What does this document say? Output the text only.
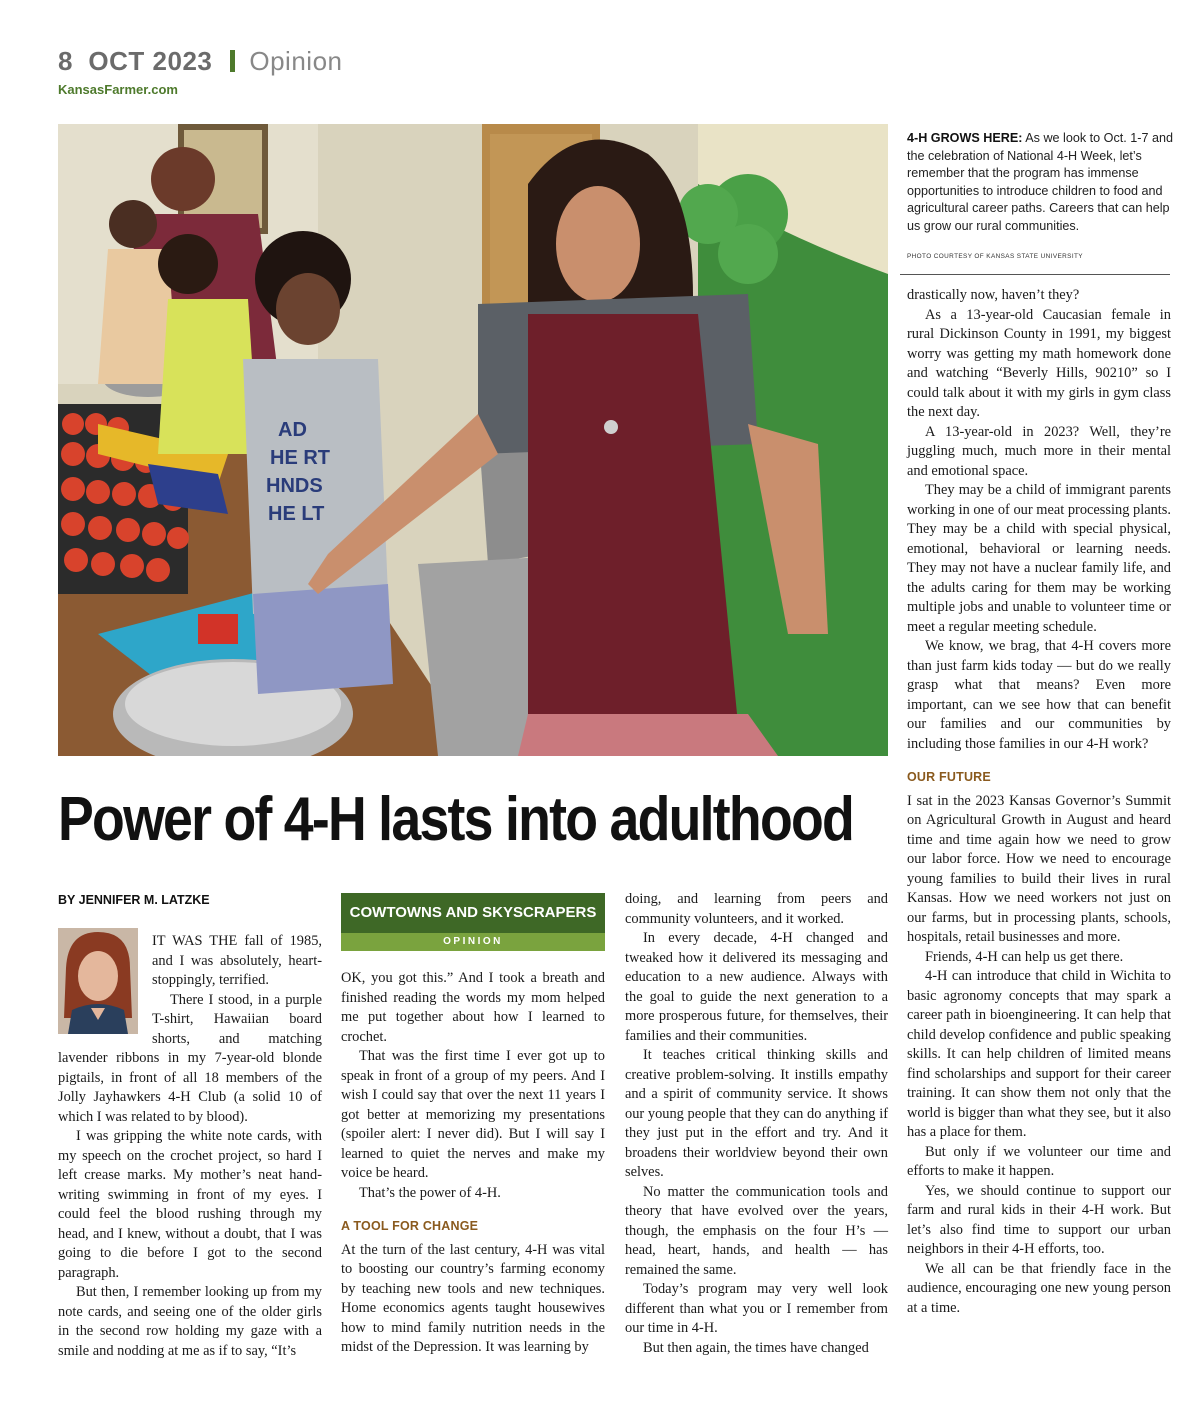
8 OCT 2023 Opinion
KansasFarmer.com
AD
HE RT
HNDS
HE LT
4-H GROWS HERE: As we look to Oct. 1-7 and the celebration of National 4-H Week, let’s remember that the program has immense opportunities to introduce children to food and agricultural career paths. Careers that can help us grow our rural communities.
PHOTO COURTESY OF KANSAS STATE UNIVERSITY
Power of 4-H lasts into adulthood
BY JENNIFER M. LATZKE
COWTOWNS AND SKYSCRAPERS
OPINION

IT WAS THE fall of 1985, and I was absolutely, heart-stoppingly, terrified.

There I stood, in a purple T-shirt, Hawaiian board shorts, and matching lavender ribbons in my 7-year-old blonde pigtails, in front of all 18 members of the Jolly Jayhawkers 4-H Club (a solid 10 of which I was related to by blood).

I was gripping the white note cards, with my speech on the crochet project, so hard I left crease marks. My mother’s neat hand-writing swimming in front of my eyes. I could feel the blood rushing through my head, and I knew, without a doubt, that I was going to die before I got to the second paragraph.

But then, I remember looking up from my note cards, and seeing one of the older girls in the second row holding my gaze with a smile and nodding at me as if to say, “It’s

OK, you got this.” And I took a breath and finished reading the words my mom helped me put together about how I learned to crochet.

That was the first time I ever got up to speak in front of a group of my peers. And I wish I could say that over the next 11 years I got better at memorizing my presentations (spoiler alert: I never did). But I will say I learned to quiet the nerves and make my voice be heard.

That’s the power of 4-H.

A TOOL FOR CHANGE

At the turn of the last century, 4-H was vital to boosting our country’s farming economy by teaching new tools and new techniques. Home economics agents taught housewives how to mind family nutrition needs in the midst of the Depression. It was learning by

doing, and learning from peers and community volunteers, and it worked.

In every decade, 4-H changed and tweaked how it delivered its messaging and education to a new audience. Always with the goal to guide the next generation to a more prosperous future, for themselves, their families and their communities.

It teaches critical thinking skills and creative problem-solving. It instills empathy and a spirit of community service. It shows our young people that they can do anything if they just put in the effort and try. And it broadens their worldview beyond their own selves.

No matter the communication tools and theory that have evolved over the years, though, the emphasis on the four H’s — head, heart, hands, and health — has remained the same.

Today’s program may very well look different than what you or I remember from our time in 4-H.

But then again, the times have changed

drastically now, haven’t they?

As a 13-year-old Caucasian female in rural Dickinson County in 1991, my biggest worry was getting my math homework done and watching “Beverly Hills, 90210” so I could talk about it with my girls in gym class the next day.

A 13-year-old in 2023? Well, they’re juggling much, much more in their mental and emotional space.

They may be a child of immigrant parents working in one of our meat processing plants. They may be a child with special physical, emotional, behavioral or learning needs. They may not have a nuclear family life, and the adults caring for them may be working multiple jobs and unable to volunteer time or meet a regular meeting schedule.

We know, we brag, that 4-H covers more than just farm kids today — but do we really grasp what that means? Even more important, can we see how that can benefit our families and our communities by including those families in our 4-H work?

OUR FUTURE

I sat in the 2023 Kansas Governor’s Summit on Agricultural Growth in August and heard time and time again how we need to grow our labor force. How we need to encourage young families to build their lives in rural Kansas. How we need workers not just on our farms, but in processing plants, schools, hospitals, retail businesses and more.

Friends, 4-H can help us get there.

4-H can introduce that child in Wichita to basic agronomy concepts that may spark a career path in bioengineering. It can help that child develop confidence and public speaking skills. It can help children of limited means find scholarships and support for their career training. It can show them not only that the world is bigger than what they see, but it also has a place for them.

But only if we volunteer our time and efforts to make it happen.

Yes, we should continue to support our farm and rural kids in their 4-H work. But let’s also find time to support our urban neighbors in their 4-H efforts, too.

We all can be that friendly face in the audience, encouraging one new young person at a time.
